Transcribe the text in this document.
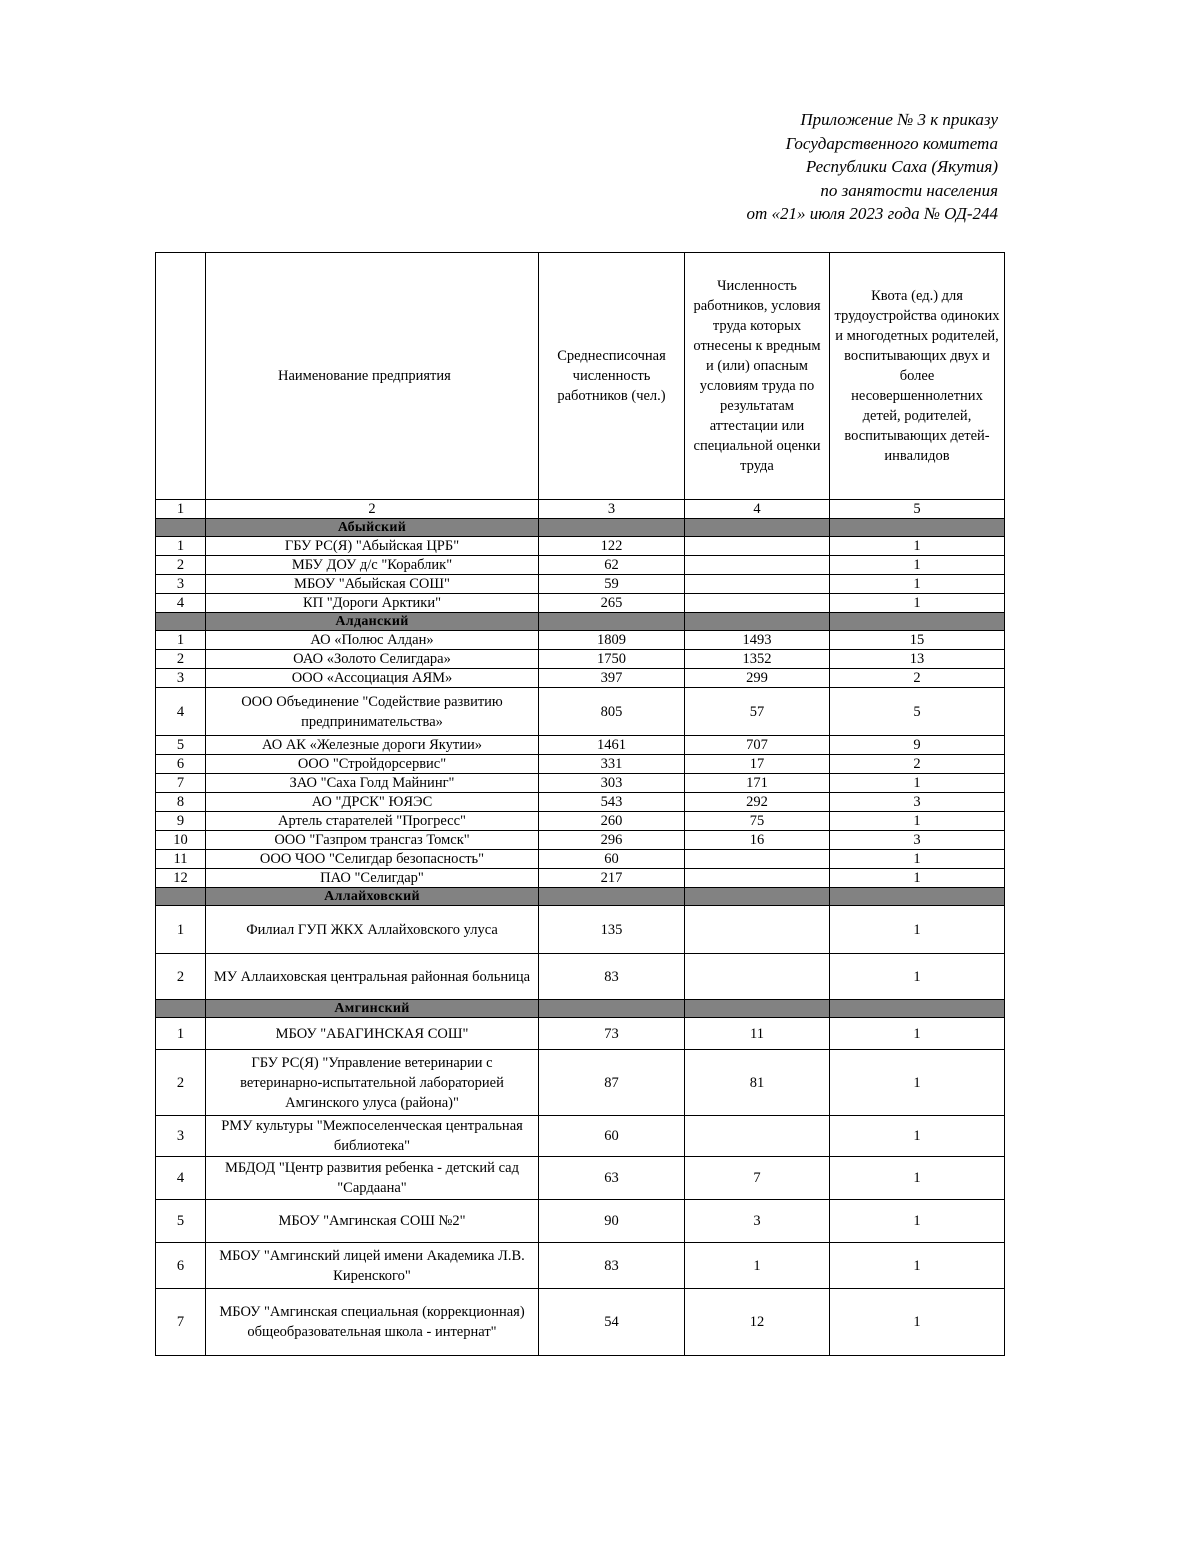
Приложение № 3 к приказу
Государственного комитета
Республики Саха (Якутия)
по занятости населения
от «21» июля 2023 года № ОД-244
	Наименование предприятия	Среднесписочная численность работников (чел.)	Численность работников, условия труда которых отнесены к вредным и (или) опасным условиям труда по результатам аттестации или специальной оценки труда	Квота (ед.) для трудоустройства одиноких и многодетных родителей, воспитывающих двух и более несовершеннолетних детей, родителей, воспитывающих детей-инвалидов
1	2	3	4	5
	Абыйский			
1	ГБУ РС(Я) "Абыйская ЦРБ"	122		1
2	МБУ ДОУ д/с "Кораблик"	62		1
3	МБОУ "Абыйская СОШ"	59		1
4	КП "Дороги Арктики"	265		1
	Алданский			
1	АО «Полюс Алдан»	1809	1493	15
2	ОАО «Золото Селигдара»	1750	1352	13
3	ООО «Ассоциация АЯМ»	397	299	2
4	ООО Объединение "Содействие развитию предпринимательства»	805	57	5
5	АО АК «Железные дороги Якутии»	1461	707	9
6	ООО "Стройдорсервис"	331	17	2
7	ЗАО "Саха Голд Майнинг"	303	171	1
8	АО "ДРСК" ЮЯЭС	543	292	3
9	Артель старателей "Прогресс"	260	75	1
10	ООО "Газпром трансгаз Томск"	296	16	3
11	ООО ЧОО "Селигдар безопасность"	60		1
12	ПАО "Селигдар"	217		1
	Аллайховский			
1	Филиал ГУП ЖКХ Аллайховского улуса	135		1
2	МУ Аллаиховская центральная районная больница	83		1
	Амгинский			
1	МБОУ "АБАГИНСКАЯ СОШ"	73	11	1
2	ГБУ РС(Я) "Управление ветеринарии с ветеринарно-испытательной лабораторией Амгинского улуса (района)"	87	81	1
3	РМУ культуры "Межпоселенческая центральная библиотека"	60		1
4	МБДОД "Центр развития ребенка - детский сад "Сардаана"	63	7	1
5	МБОУ "Амгинская СОШ №2"	90	3	1
6	МБОУ "Амгинский лицей имени Академика Л.В. Киренского"	83	1	1
7	МБОУ "Амгинская специальная (коррекционная) общеобразовательная школа - интернат"	54	12	1
